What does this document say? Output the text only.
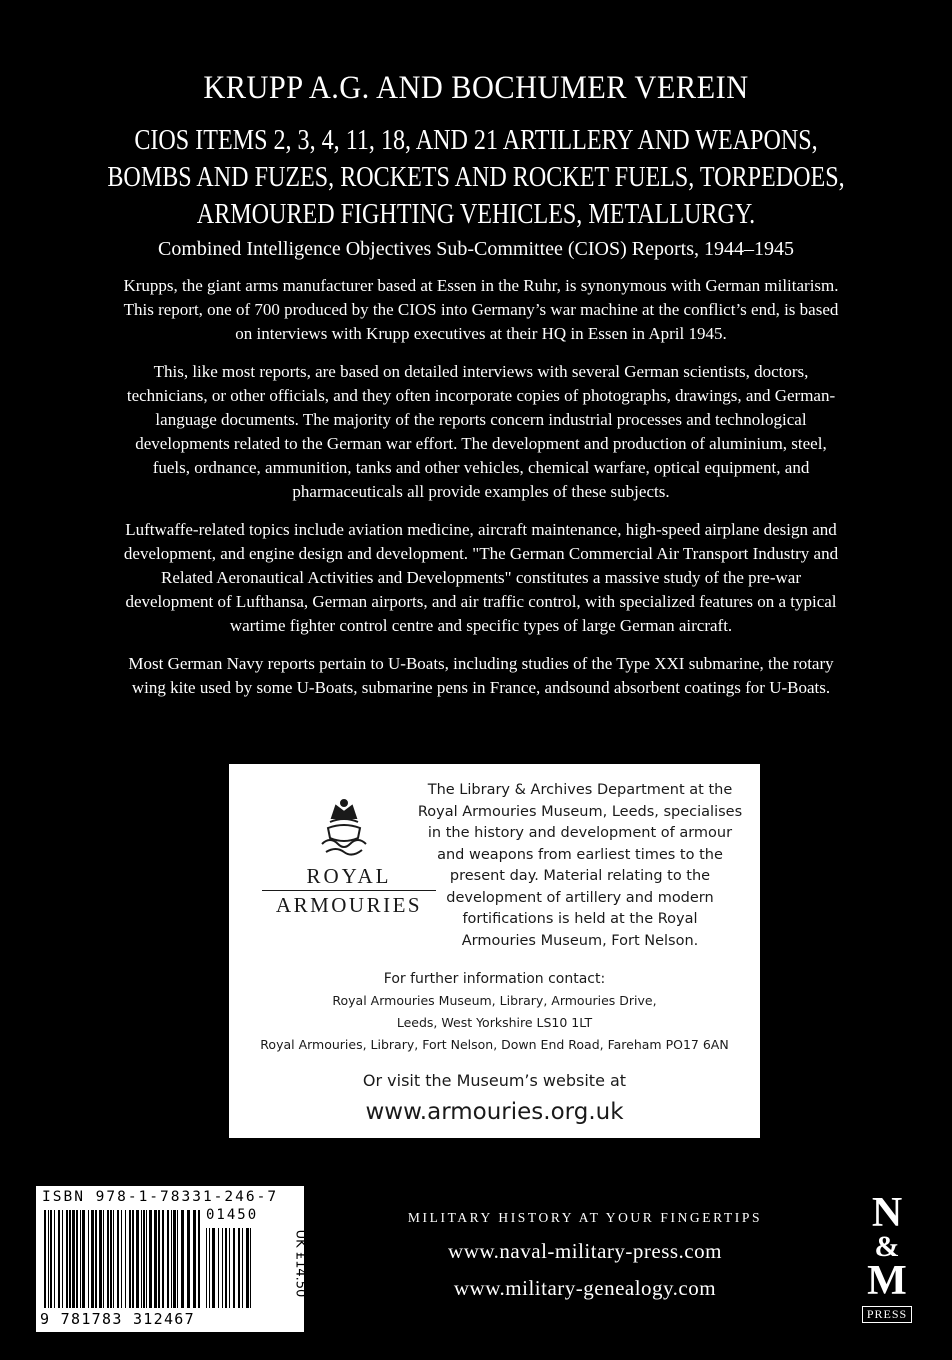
KRUPP A.G. AND BOCHUMER VEREIN
CIOS ITEMS 2, 3, 4, 11, 18, AND 21 ARTILLERY AND WEAPONS,
BOMBS AND FUZES, ROCKETS AND ROCKET FUELS, TORPEDOES,
ARMOURED FIGHTING VEHICLES, METALLURGY.
Combined Intelligence Objectives Sub-Committee (CIOS) Reports, 1944–1945

Krupps, the giant arms manufacturer based at Essen in the Ruhr, is synonymous with German militarism. This report, one of 700 produced by the CIOS into Germany’s war machine at the conflict’s end, is based on interviews with Krupp executives at their HQ in Essen in April 1945.

This, like most reports, are based on detailed interviews with several German scientists, doctors, technicians, or other officials, and they often incorporate copies of photographs, drawings, and German-language documents. The majority of the reports concern industrial processes and technological developments related to the German war effort. The development and production of aluminium, steel, fuels, ordnance, ammunition, tanks and other vehicles, chemical warfare, optical equipment, and pharmaceuticals all provide examples of these subjects.

Luftwaffe-related topics include aviation medicine, aircraft maintenance, high-speed airplane design and development, and engine design and development. "The German Commercial Air Transport Industry and Related Aeronautical Activities and Developments" constitutes a massive study of the pre-war development of Lufthansa, German airports, and air traffic control, with specialized features on a typical wartime fighter control centre and specific types of large German aircraft.

Most German Navy reports pertain to U-Boats, including studies of the Type XXI submarine, the rotary wing kite used by some U-Boats, submarine pens in France, andsound absorbent coatings for U-Boats.

ROYAL
ARMOURIES
The Library & Archives Department at the
Royal Armouries Museum, Leeds, specialises
in the history and development of armour
and weapons from earliest times to the
present day. Material relating to the
development of artillery and modern
fortifications is held at the Royal
Armouries Museum, Fort Nelson.
For further information contact:
Royal Armouries Museum, Library, Armouries Drive,
Leeds, West Yorkshire LS10 1LT
Royal Armouries, Library, Fort Nelson, Down End Road, Fareham PO17 6AN
Or visit the Museum’s website at
www.armouries.org.uk
ISBN 978-1-78331-246-7
01450
9 781783 312467
UK £14.50
MILITARY HISTORY AT YOUR FINGERTIPS
www.naval-military-press.com
www.military-genealogy.com
N
&
M
PRESS
